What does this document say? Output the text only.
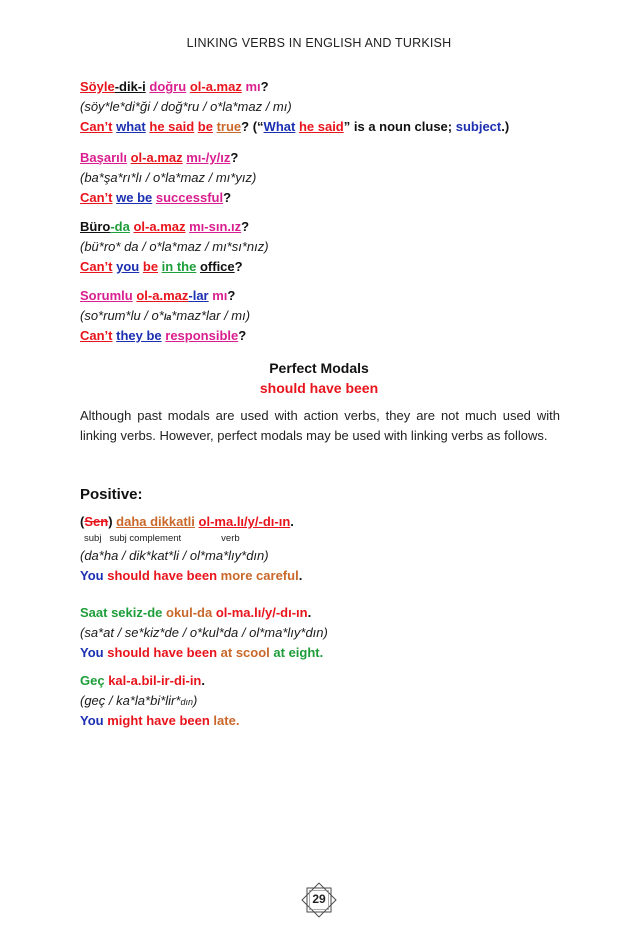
LINKING VERBS IN ENGLISH AND TURKISH
Söyle-dik-i doğru ol-a.maz mı?
(söy*le*di*ği / doğ*ru / o*la*maz / mı)
Can’t what he said be true? (“What he said” is a noun cluse; subject.)
Başarılı ol-a.maz mı-/y/ız?
(ba*şa*rı*lı / o*la*maz / mı*yız)
Can’t we be successful?
Büro-da ol-a.maz mı-sın.ız?
(bü*ro* da / o*la*maz / mı*sı*nız)
Can’t you be in the office?
Sorumlu ol-a.maz-lar mı?
(so*rum*lu / o*la*maz*lar / mı)
Can’t they be responsible?
Perfect Modals
should have been
Although past modals are used with action verbs, they are not much used with linking verbs. However, perfect modals may be used with linking verbs as follows.
Positive:
(Sen) daha dikkatli ol-ma.lı/y/-dı-ın.
subj subj complement	verb
(da*ha / dik*kat*li / ol*ma*lıy*dın)
You should have been more careful.
Saat sekiz-de okul-da ol-ma.lı/y/-dı-ın.
(sa*at / se*kiz*de / o*kul*da / ol*ma*lıy*dın)
You should have been at scool at eight.
Geç kal-a.bil-ir-di-in.
(geç / ka*la*bi*lir*dın)
You might have been late.
29
